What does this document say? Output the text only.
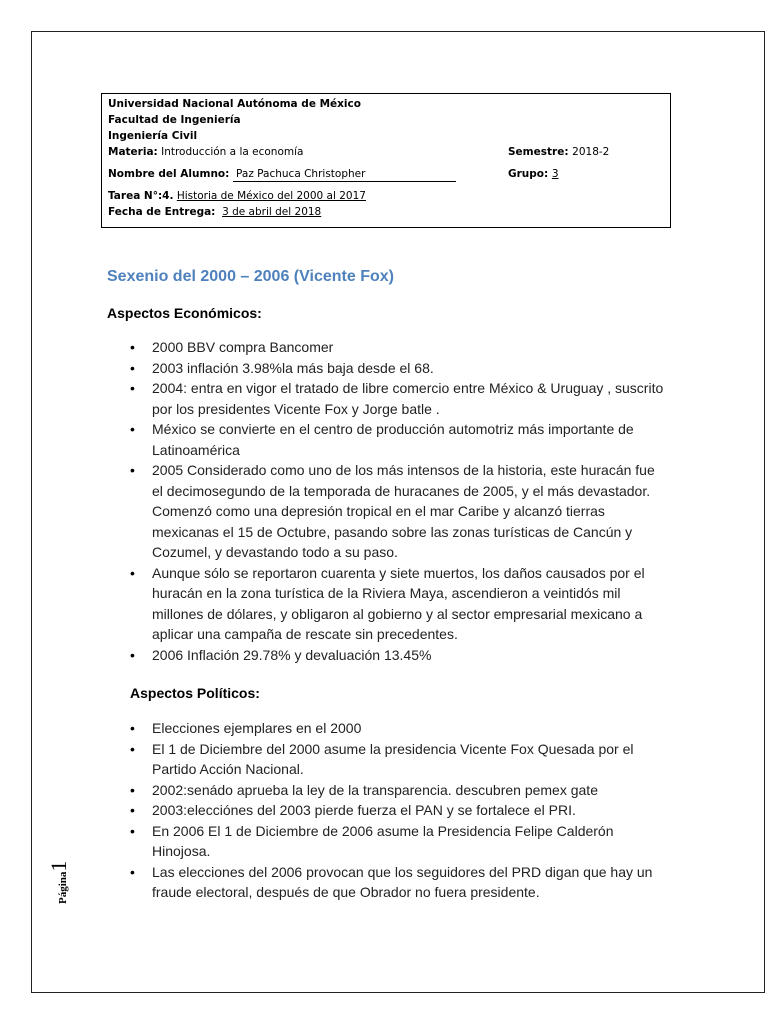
Universidad Nacional Autónoma de México
Facultad de Ingeniería
Ingeniería Civil
Materia: Introducción a la economía	Semestre: 2018-2
Nombre del Alumno: Paz Pachuca Christopher	Grupo: 3
Tarea N°:4. Historia de México del 2000 al 2017
Fecha de Entrega: 3 de abril del 2018
Sexenio del 2000 – 2006 (Vicente Fox)
Aspectos Económicos:
• 2000 BBV compra Bancomer
• 2003 inflación 3.98%la más baja desde el 68.
• 2004: entra en vigor el tratado de libre comercio entre México & Uruguay , suscrito por los presidentes Vicente Fox y Jorge batle .
• México se convierte en el centro de producción automotriz más importante de Latinoamérica
• 2005 Considerado como uno de los más intensos de la historia, este huracán fue el decimosegundo de la temporada de huracanes de 2005, y el más devastador. Comenzó como una depresión tropical en el mar Caribe y alcanzó tierras mexicanas el 15 de Octubre, pasando sobre las zonas turísticas de Cancún y Cozumel, y devastando todo a su paso.
• Aunque sólo se reportaron cuarenta y siete muertos, los daños causados por el huracán en la zona turística de la Riviera Maya, ascendieron a veintidós mil millones de dólares, y obligaron al gobierno y al sector empresarial mexicano a aplicar una campaña de rescate sin precedentes.
• 2006 Inflación 29.78% y devaluación 13.45%
Aspectos Políticos:
• Elecciones ejemplares en el 2000
• El 1 de Diciembre del 2000 asume la presidencia Vicente Fox Quesada por el Partido Acción Nacional.
• 2002:senádo aprueba la ley de la transparencia. descubren pemex gate
• 2003:elecciónes del 2003 pierde fuerza el PAN y se fortalece el PRI.
• En 2006 El 1 de Diciembre de 2006 asume la Presidencia Felipe Calderón Hinojosa.
• Las elecciones del 2006 provocan que los seguidores del PRD digan que hay un fraude electoral, después de que Obrador no fuera presidente.
Página1
